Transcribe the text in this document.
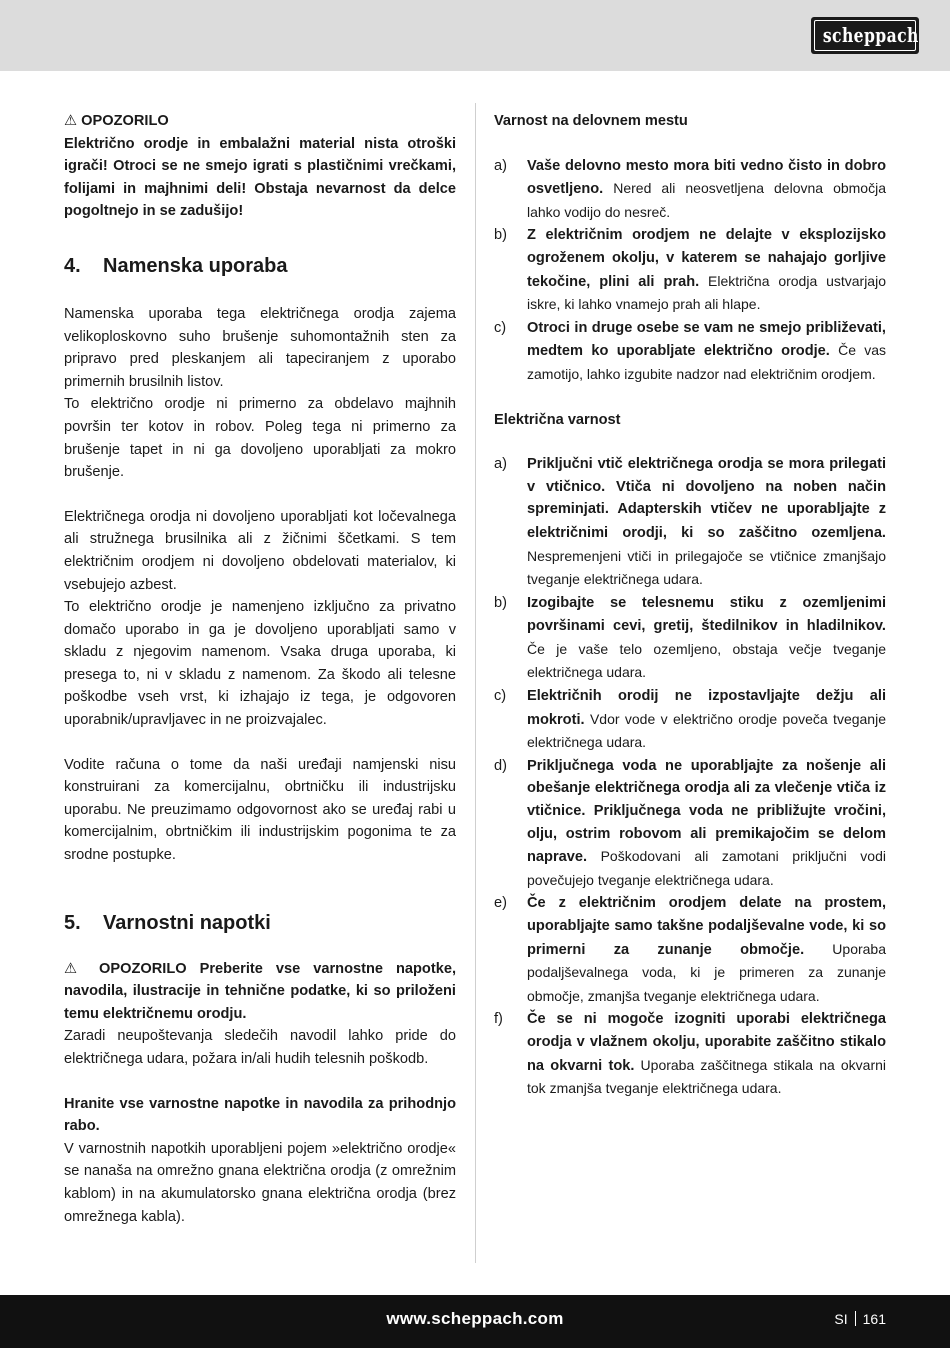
scheppach
⚠ OPOZORILO

Električno orodje in embalažni material nista otroški igrači! Otroci se ne smejo igrati s plastičnimi vrečkami, folijami in majhnimi deli! Obstaja nevarnost da delce pogoltnejo in se zadušijo!

4.	Namenska uporaba

Namenska uporaba tega električnega orodja zajema velikoploskovno suho brušenje suhomontažnih sten za pripravo pred pleskanjem ali tapeciranjem z uporabo primernih brusilnih listov.

To električno orodje ni primerno za obdelavo majhnih površin ter kotov in robov. Poleg tega ni primerno za brušenje tapet in ni ga dovoljeno uporabljati za mokro brušenje.

Električnega orodja ni dovoljeno uporabljati kot ločevalnega ali stružnega brusilnika ali z žičnimi ščetkami. S tem električnim orodjem ni dovoljeno obdelovati materialov, ki vsebujejo azbest.

To električno orodje je namenjeno izključno za privatno domačo uporabo in ga je dovoljeno uporabljati samo v skladu z njegovim namenom. Vsaka druga uporaba, ki presega to, ni v skladu z namenom. Za škodo ali telesne poškodbe vseh vrst, ki izhajajo iz tega, je odgovoren uporabnik/upravljavec in ne proizvajalec.

Vodite računa o tome da naši uređaji namjenski nisu konstruirani za komercijalnu, obrtničku ili industrijsku uporabu. Ne preuzimamo odgovornost ako se uređaj rabi u komercijalnim, obrtničkim ili industrijskim pogonima te za srodne postupke.

5.	Varnostni napotki

⚠ OPOZORILO Preberite vse varnostne napotke, navodila, ilustracije in tehnične podatke, ki so priloženi temu električnemu orodju.

Zaradi neupoštevanja sledečih navodil lahko pride do električnega udara, požara in/ali hudih telesnih poškodb.

Hranite vse varnostne napotke in navodila za prihodnjo rabo.

V varnostnih napotkih uporabljeni pojem »električno orodje« se nanaša na omrežno gnana električna orodja (z omrežnim kablom) in na akumulatorsko gnana električna orodja (brez omrežnega kabla).

Varnost na delovnem mestu
a)	Vaše delovno mesto mora biti vedno čisto in dobro osvetljeno. Nered ali neosvetljena delovna območja lahko vodijo do nesreč.
b)	Z električnim orodjem ne delajte v eksplozijsko ogroženem okolju, v katerem se nahajajo gorljive tekočine, plini ali prah. Električna orodja ustvarjajo iskre, ki lahko vnamejo prah ali hlape.
c)	Otroci in druge osebe se vam ne smejo približevati, medtem ko uporabljate električno orodje. Če vas zamotijo, lahko izgubite nadzor nad električnim orodjem.
Električna varnost
a)	Priključni vtič električnega orodja se mora prilegati v vtičnico. Vtiča ni dovoljeno na noben način spreminjati. Adapterskih vtičev ne uporabljajte z električnimi orodji, ki so zaščitno ozemljena. Nespremenjeni vtiči in prilegajoče se vtičnice zmanjšajo tveganje električnega udara.
b)	Izogibajte se telesnemu stiku z ozemljenimi površinami cevi, gretij, štedilnikov in hladilnikov. Če je vaše telo ozemljeno, obstaja večje tveganje električnega udara.
c)	Električnih orodij ne izpostavljajte dežju ali mokroti. Vdor vode v električno orodje poveča tveganje električnega udara.
d)	Priključnega voda ne uporabljajte za nošenje ali obešanje električnega orodja ali za vlečenje vtiča iz vtičnice. Priključnega voda ne približujte vročini, olju, ostrim robovom ali premikajočim se delom naprave. Poškodovani ali zamotani priključni vodi povečujejo tveganje električnega udara.
e)	Če z električnim orodjem delate na prostem, uporabljajte samo takšne podaljševalne vode, ki so primerni za zunanje območje. Uporaba podaljševalnega voda, ki je primeren za zunanje območje, zmanjša tveganje električnega udara.
f)	Če se ni mogoče izogniti uporabi električnega orodja v vlažnem okolju, uporabite zaščitno stikalo na okvarni tok. Uporaba zaščitnega stikala na okvarni tok zmanjša tveganje električnega udara.
www.scheppach.com	SI 161
